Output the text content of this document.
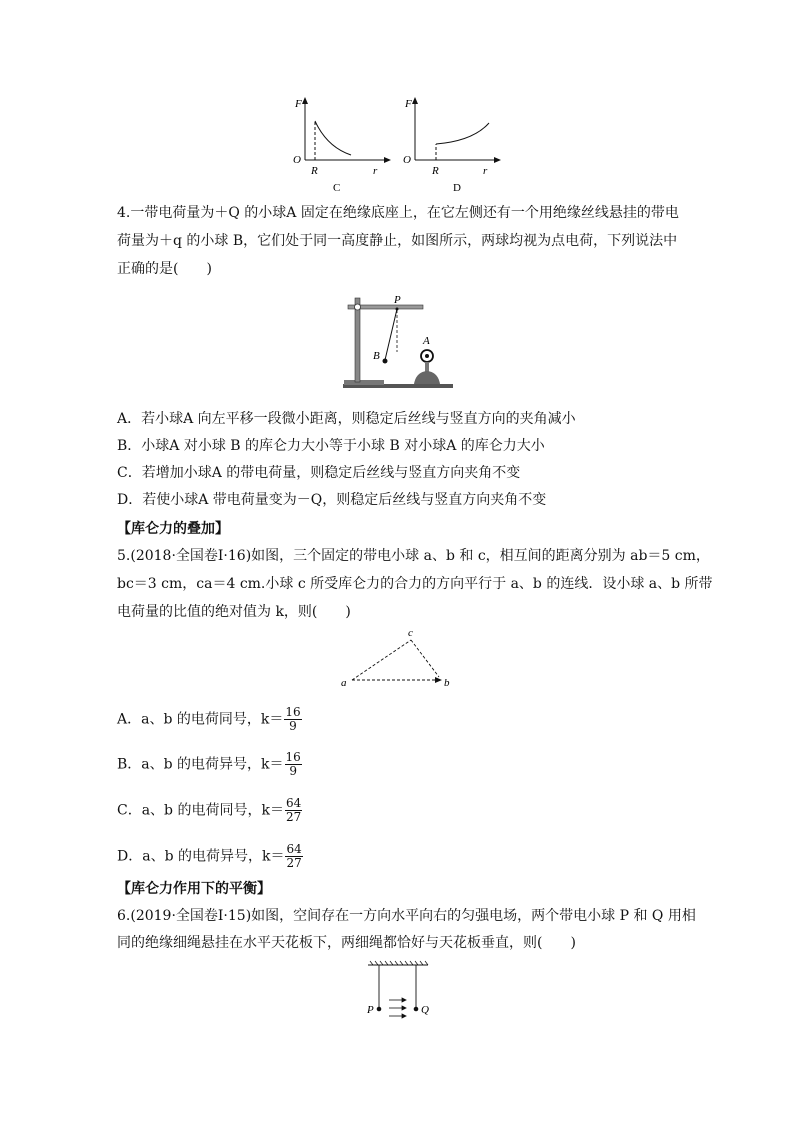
F
O
R	r
C
F
O
R	r
D
4.一带电荷量为＋Q 的小球A 固定在绝缘底座上，在它左侧还有一个用绝缘丝线悬挂的带电
荷量为＋q 的小球 B，它们处于同一高度静止，如图所示，两球均视为点电荷，下列说法中
正确的是(　　)
P
A
B
A．若小球A 向左平移一段微小距离，则稳定后丝线与竖直方向的夹角减小
B．小球A 对小球 B 的库仑力大小等于小球 B 对小球A 的库仑力大小
C．若增加小球A 的带电荷量，则稳定后丝线与竖直方向夹角不变
D．若使小球A 带电荷量变为－Q，则稳定后丝线与竖直方向夹角不变
【库仑力的叠加】
5.(2018·全国卷Ⅰ·16)如图，三个固定的带电小球 a、b 和 c，相互间的距离分别为 ab＝5 cm，
bc＝3 cm，ca＝4 cm.小球 c 所受库仑力的合力的方向平行于 a、b 的连线．设小球 a、b 所带
电荷量的比值的绝对值为 k，则(　　)
a	b
c
A．a、b 的电荷同号，$k= \frac{16}{9}$
B．a、b 的电荷异号，$k= \frac{16}{9}$
C．a、b 的电荷同号，$k= \frac{64}{27}$
D．a、b 的电荷异号，$k= \frac{64}{27}$
【库仑力作用下的平衡】
6.(2019·全国卷Ⅰ·15)如图，空间存在一方向水平向右的匀强电场，两个带电小球 P 和 Q 用相
同的绝缘细绳悬挂在水平天花板下，两细绳都恰好与天花板垂直，则(　　)
P	Q
